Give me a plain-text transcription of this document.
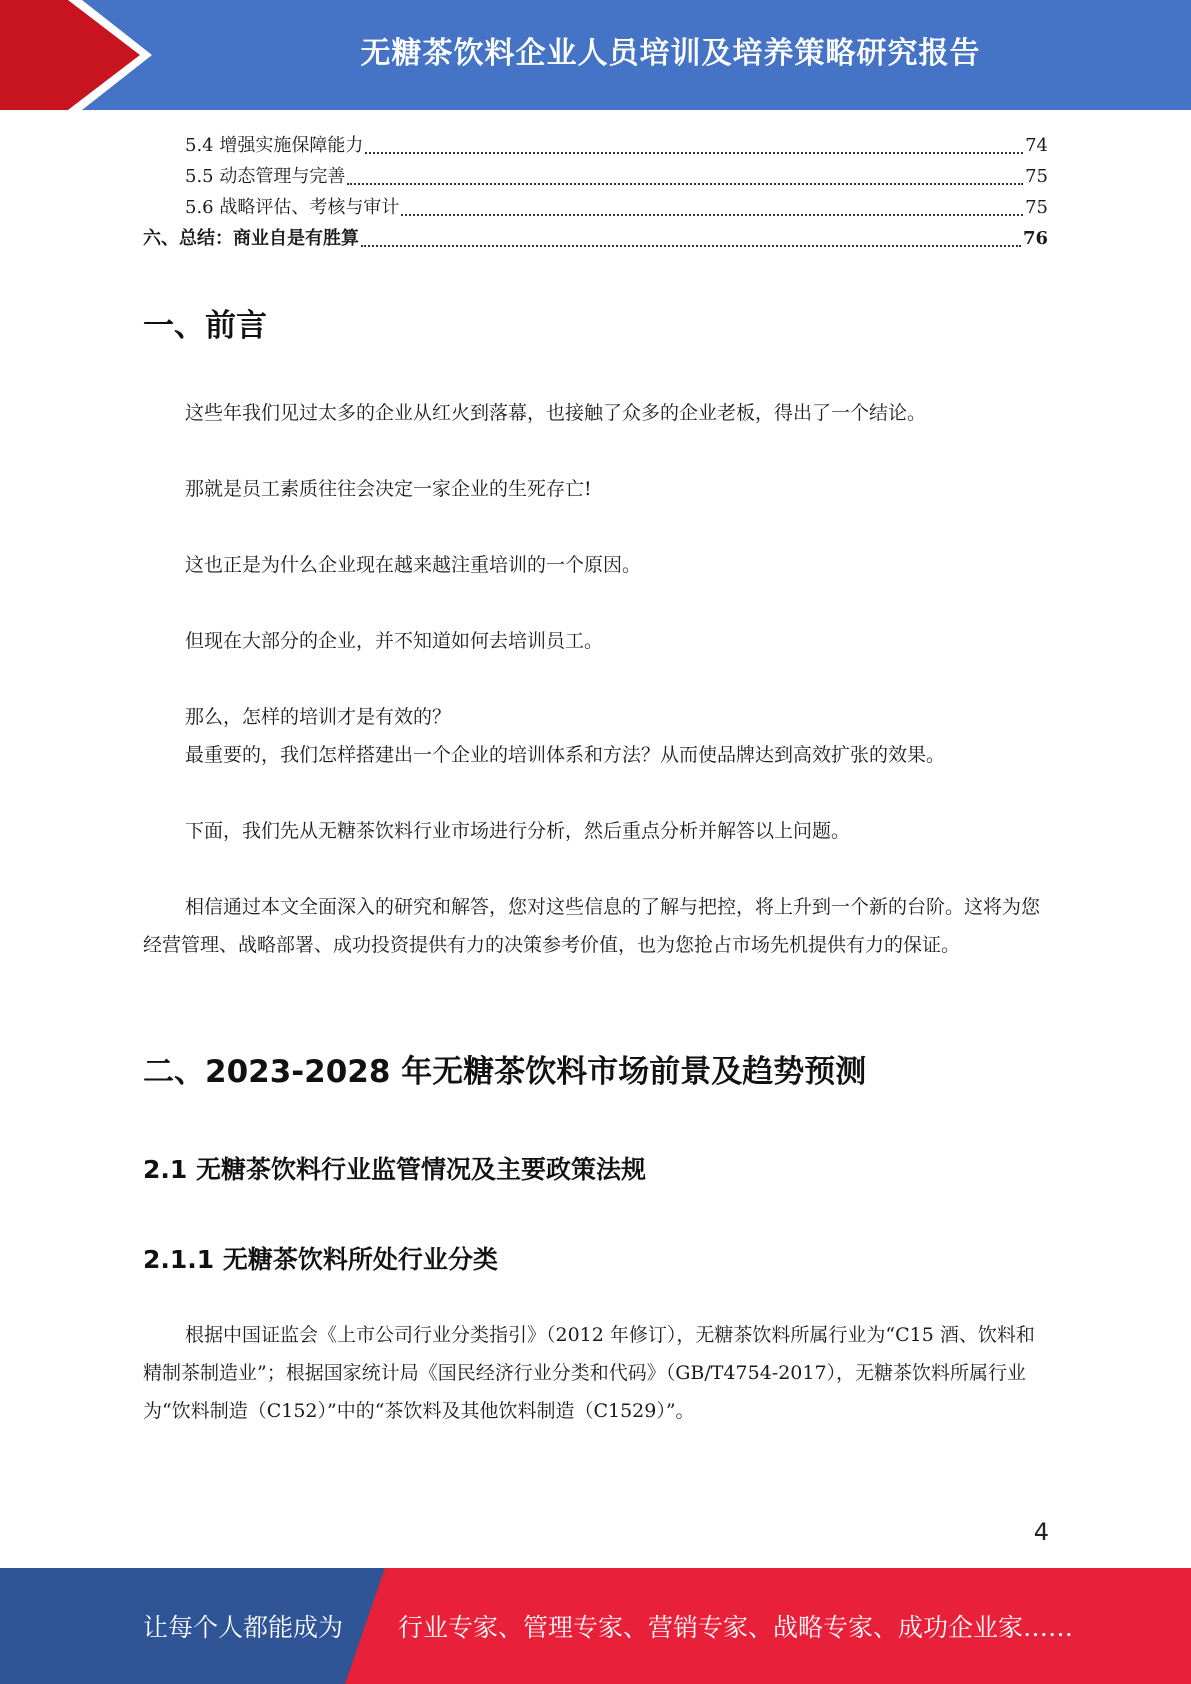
无糖茶饮料企业人员培训及培养策略研究报告
5.4 增强实施保障能力	74
5.5 动态管理与完善	75
5.6 战略评估、考核与审计	75
六、总结：商业自是有胜算	76
一、前言

这些年我们见过太多的企业从红火到落幕，也接触了众多的企业老板，得出了一个结论。

那就是员工素质往往会决定一家企业的生死存亡!

这也正是为什么企业现在越来越注重培训的一个原因。

但现在大部分的企业，并不知道如何去培训员工。

那么，怎样的培训才是有效的？

最重要的，我们怎样搭建出一个企业的培训体系和方法？从而使品牌达到高效扩张的效果。

下面，我们先从无糖茶饮料行业市场进行分析，然后重点分析并解答以上问题。

相信通过本文全面深入的研究和解答，您对这些信息的了解与把控，将上升到一个新的台阶。这将为您经营管理、战略部署、成功投资提供有力的决策参考价值，也为您抢占市场先机提供有力的保证。

二、2023-2028 年无糖茶饮料市场前景及趋势预测
2.1 无糖茶饮料行业监管情况及主要政策法规
2.1.1 无糖茶饮料所处行业分类

根据中国证监会《上市公司行业分类指引》（2012 年修订），无糖茶饮料所属行业为“C15 酒、饮料和精制茶制造业”；根据国家统计局《国民经济行业分类和代码》（GB/T4754-2017），无糖茶饮料所属行业为“饮料制造（C152）”中的“茶饮料及其他饮料制造（C1529）”。

4
让每个人都能成为 行业专家、管理专家、营销专家、战略专家、成功企业家……
